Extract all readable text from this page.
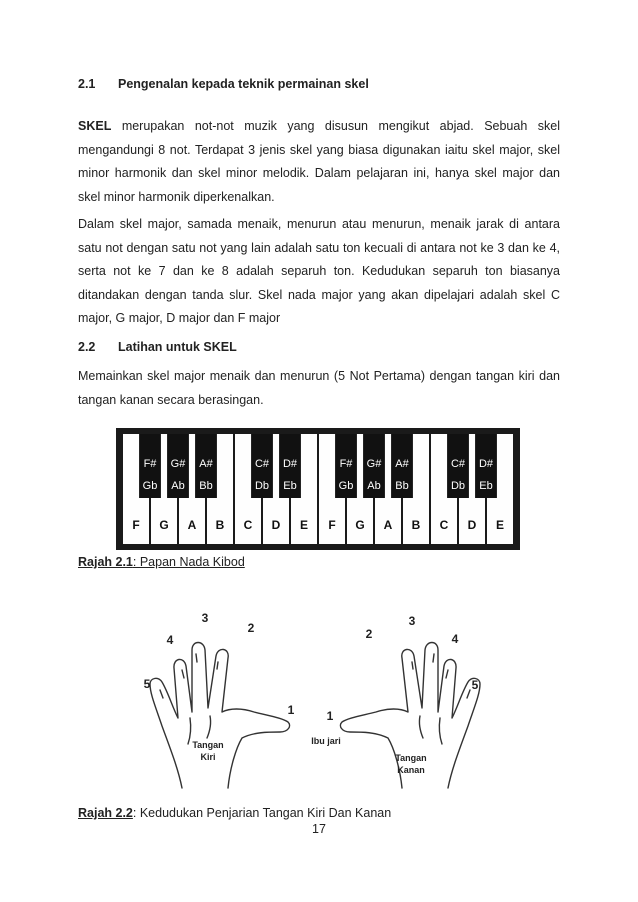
2.1 Pengenalan kepada teknik permainan skel

SKEL merupakan not-not muzik yang disusun mengikut abjad. Sebuah skel mengandungi 8 not. Terdapat 3 jenis skel yang biasa digunakan iaitu skel major, skel minor harmonik dan skel minor melodik. Dalam pelajaran ini, hanya skel major dan skel minor harmonik diperkenalkan.

Dalam skel major, samada menaik, menurun atau menurun, menaik jarak di antara satu not dengan satu not yang lain adalah satu ton kecuali di antara not ke 3 dan ke 4, serta not ke 7 dan ke 8 adalah separuh ton. Kedudukan separuh ton biasanya ditandakan dengan tanda slur. Skel nada major yang akan dipelajari adalah skel C major, G major, D major dan F major

2.2 Latihan untuk SKEL

Memainkan skel major menaik dan menurun (5 Not Pertama) dengan tangan kiri dan tangan kanan secara berasingan.

F G A B C D E F G A B C D E
F#
Gb
G#
Ab
A#
Bb
C#
Db
D#
Eb
F#
Gb
G#
Ab
A#
Bb
C#
Db
D#
Eb
Rajah 2.1: Papan Nada Kibod
1
2
3
4
5
1
2
3
4
5
Tangan
Kiri
Ibu jari
Tangan
Kanan
Rajah 2.2: Kedudukan Penjarian Tangan Kiri Dan Kanan
17
